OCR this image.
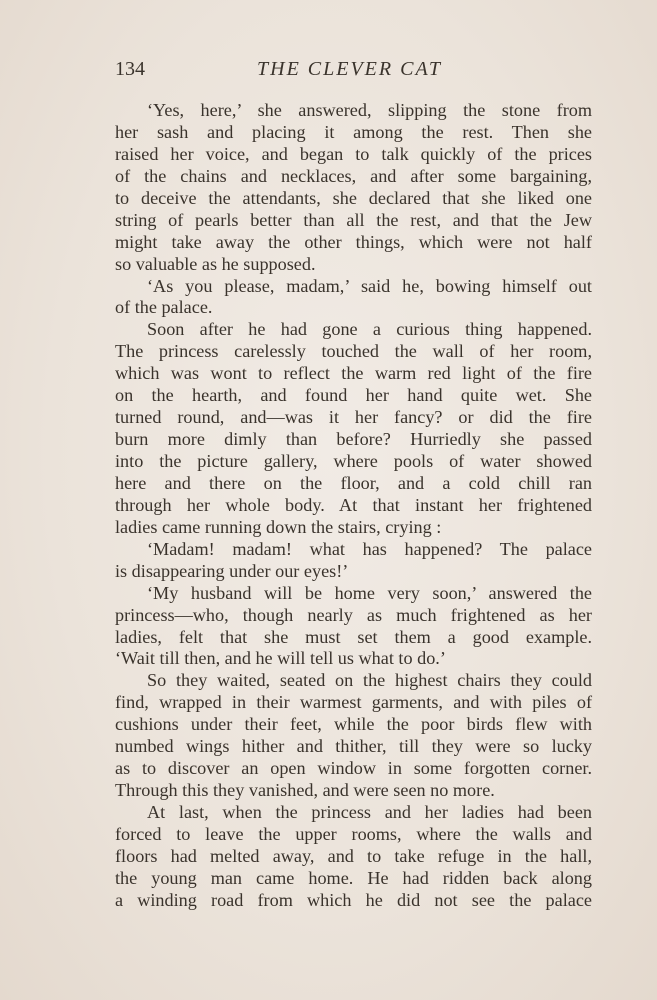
134	THE CLEVER CAT
‘Yes, here,’ she answered, slipping the stone from
her sash and placing it among the rest. Then she
raised her voice, and began to talk quickly of the prices
of the chains and necklaces, and after some bargaining,
to deceive the attendants, she declared that she liked one
string of pearls better than all the rest, and that the Jew
might take away the other things, which were not half
so valuable as he supposed.
‘As you please, madam,’ said he, bowing himself out
of the palace.
Soon after he had gone a curious thing happened.
The princess carelessly touched the wall of her room,
which was wont to reflect the warm red light of the fire
on the hearth, and found her hand quite wet. She
turned round, and—was it her fancy? or did the fire
burn more dimly than before? Hurriedly she passed
into the picture gallery, where pools of water showed
here and there on the floor, and a cold chill ran
through her whole body. At that instant her frightened
ladies came running down the stairs, crying :
‘Madam! madam! what has happened? The palace
is disappearing under our eyes!’
‘My husband will be home very soon,’ answered the
princess—who, though nearly as much frightened as her
ladies, felt that she must set them a good example.
‘Wait till then, and he will tell us what to do.’
So they waited, seated on the highest chairs they could
find, wrapped in their warmest garments, and with piles of
cushions under their feet, while the poor birds flew with
numbed wings hither and thither, till they were so lucky
as to discover an open window in some forgotten corner.
Through this they vanished, and were seen no more.
At last, when the princess and her ladies had been
forced to leave the upper rooms, where the walls and
floors had melted away, and to take refuge in the hall,
the young man came home. He had ridden back along
a winding road from which he did not see the palace
